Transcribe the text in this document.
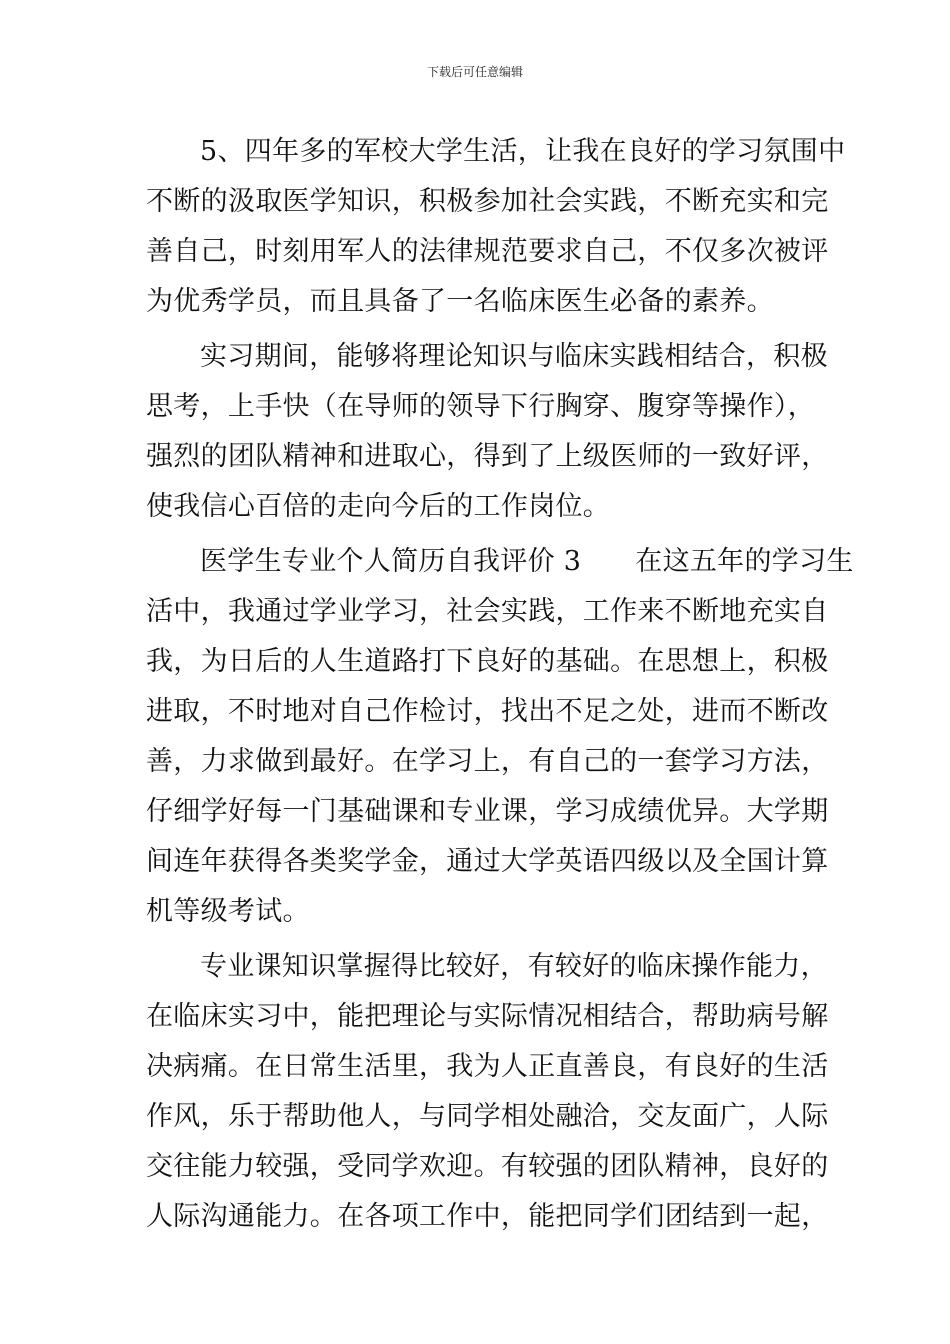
下载后可任意编辑
5、四年多的军校大学生活，让我在良好的学习氛围中
不断的汲取医学知识，积极参加社会实践，不断充实和完
善自己，时刻用军人的法律规范要求自己，不仅多次被评
为优秀学员，而且具备了一名临床医生必备的素养。
实习期间，能够将理论知识与临床实践相结合，积极
思考，上手快（在导师的领导下行胸穿、腹穿等操作），
强烈的团队精神和进取心，得到了上级医师的一致好评，
使我信心百倍的走向今后的工作岗位。
医学生专业个人简历自我评价 3 在这五年的学习生
活中，我通过学业学习，社会实践，工作来不断地充实自
我，为日后的人生道路打下良好的基础。在思想上，积极
进取，不时地对自己作检讨，找出不足之处，进而不断改
善，力求做到最好。在学习上，有自己的一套学习方法，
仔细学好每一门基础课和专业课，学习成绩优异。大学期
间连年获得各类奖学金，通过大学英语四级以及全国计算
机等级考试。
专业课知识掌握得比较好，有较好的临床操作能力，
在临床实习中，能把理论与实际情况相结合，帮助病号解
决病痛。在日常生活里，我为人正直善良，有良好的生活
作风，乐于帮助他人，与同学相处融洽，交友面广，人际
交往能力较强，受同学欢迎。有较强的团队精神，良好的
人际沟通能力。在各项工作中，能把同学们团结到一起，
